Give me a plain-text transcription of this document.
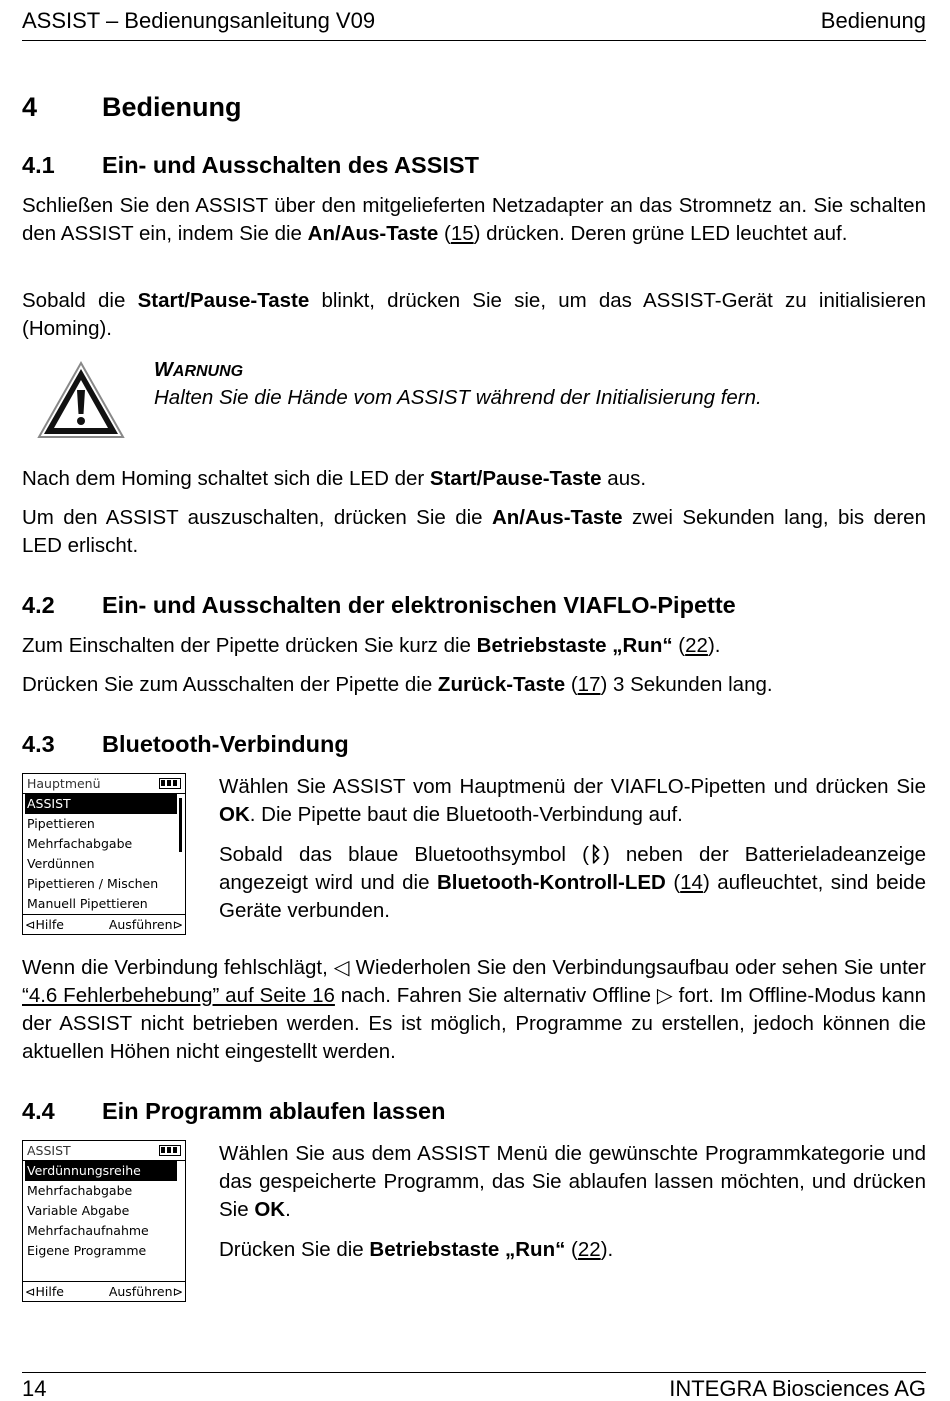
ASSIST – Bedienungsanleitung V09	Bedienung
4 Bedienung
4.1 Ein- und Ausschalten des ASSIST

Schließen Sie den ASSIST über den mitgelieferten Netzadapter an das Stromnetz an. Sie schalten den ASSIST ein, indem Sie die An/Aus-Taste (15) drücken. Deren grüne LED leuchtet auf.

Sobald die Start/Pause-Taste blinkt, drücken Sie sie, um das ASSIST-Gerät zu initialisieren (Homing).

WARNUNG
Halten Sie die Hände vom ASSIST während der Initialisierung fern.

Nach dem Homing schaltet sich die LED der Start/Pause-Taste aus.

Um den ASSIST auszuschalten, drücken Sie die An/Aus-Taste zwei Sekunden lang, bis deren LED erlischt.

4.2 Ein- und Ausschalten der elektronischen VIAFLO-Pipette

Zum Einschalten der Pipette drücken Sie kurz die Betriebstaste „Run“ (22).

Drücken Sie zum Ausschalten der Pipette die Zurück-Taste (17) 3 Sekunden lang.

4.3 Bluetooth-Verbindung
Hauptmenü
ASSIST
Pipettieren
Mehrfachabgabe
Verdünnen
Pipettieren / Mischen
Manuell Pipettieren
⊲Hilfe	Ausführen⊳

Wählen Sie ASSIST vom Hauptmenü der VIAFLO-Pipetten und drücken Sie OK. Die Pipette baut die Bluetooth-Verbindung auf.

Sobald das blaue Bluetoothsymbol (ᛒ) neben der Batterieladeanzeige angezeigt wird und die Bluetooth-Kontroll-LED (14) aufleuchtet, sind beide Geräte verbunden.

Wenn die Verbindung fehlschlägt, ◁ Wiederholen Sie den Verbindungsaufbau oder sehen Sie unter “4.6 Fehlerbehebung” auf Seite 16 nach. Fahren Sie alternativ Offline ▷ fort. Im Offline-Modus kann der ASSIST nicht betrieben werden. Es ist möglich, Programme zu erstellen, jedoch können die aktuellen Höhen nicht eingestellt werden.

4.4 Ein Programm ablaufen lassen
ASSIST
Verdünnungsreihe
Mehrfachabgabe
Variable Abgabe
Mehrfachaufnahme
Eigene Programme
⊲Hilfe	Ausführen⊳

Wählen Sie aus dem ASSIST Menü die gewünschte Programmkategorie und das gespeicherte Programm, das Sie ablaufen lassen möchten, und drücken Sie OK.

Drücken Sie die Betriebstaste „Run“ (22).

14	INTEGRA Biosciences AG
